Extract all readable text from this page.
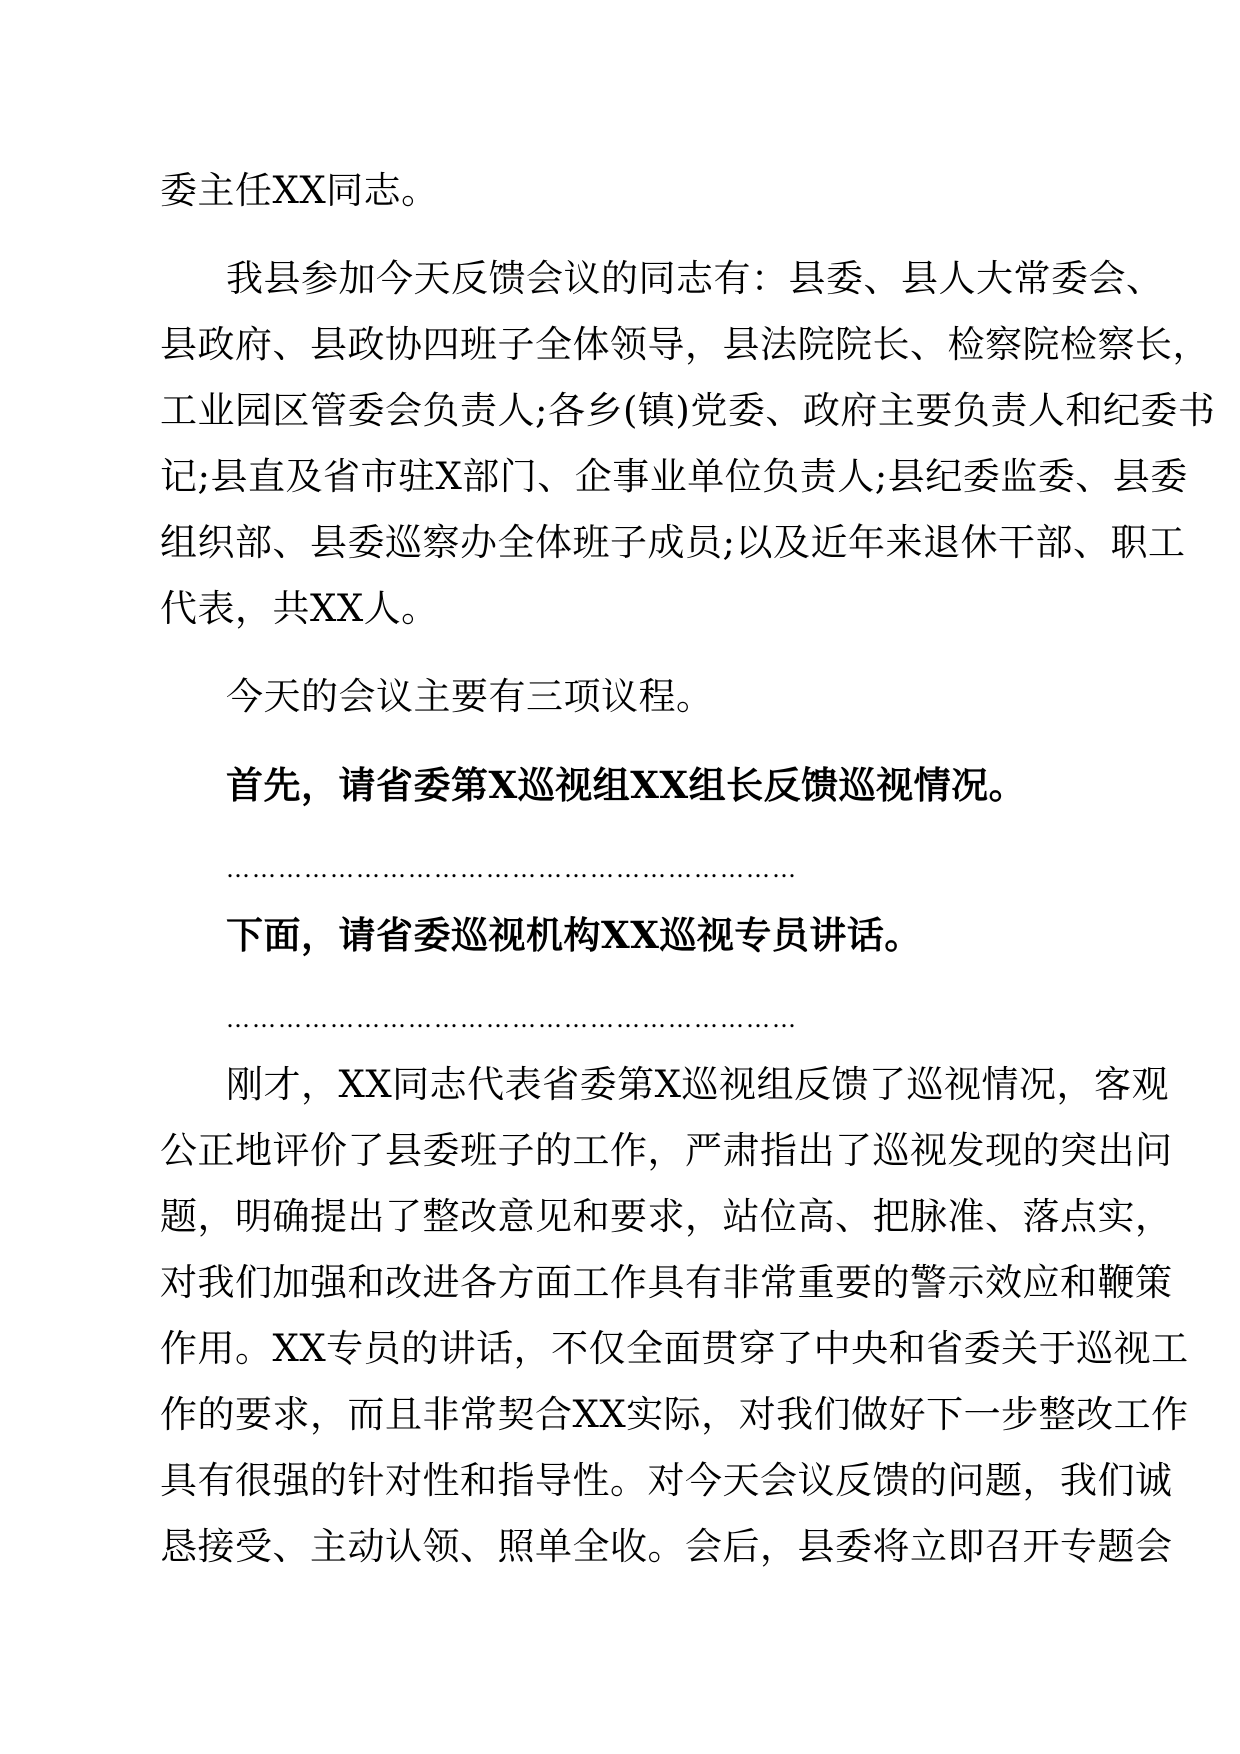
委主任XX同志。
我县参加今天反馈会议的同志有：县委、县人大常委会、
县政府、县政协四班子全体领导，县法院院长、检察院检察长，
工业园区管委会负责人;各乡(镇)党委、政府主要负责人和纪委书
记;县直及省市驻X部门、企事业单位负责人;县纪委监委、县委
组织部、县委巡察办全体班子成员;以及近年来退休干部、职工
代表，共XX人。
今天的会议主要有三项议程。
首先，请省委第X巡视组XX组长反馈巡视情况。
…………………………………………………………
下面，请省委巡视机构XX巡视专员讲话。
…………………………………………………………
刚才，XX同志代表省委第X巡视组反馈了巡视情况，客观
公正地评价了县委班子的工作，严肃指出了巡视发现的突出问
题，明确提出了整改意见和要求，站位高、把脉准、落点实，
对我们加强和改进各方面工作具有非常重要的警示效应和鞭策
作用。XX专员的讲话，不仅全面贯穿了中央和省委关于巡视工
作的要求，而且非常契合XX实际，对我们做好下一步整改工作
具有很强的针对性和指导性。对今天会议反馈的问题，我们诚
恳接受、主动认领、照单全收。会后，县委将立即召开专题会
